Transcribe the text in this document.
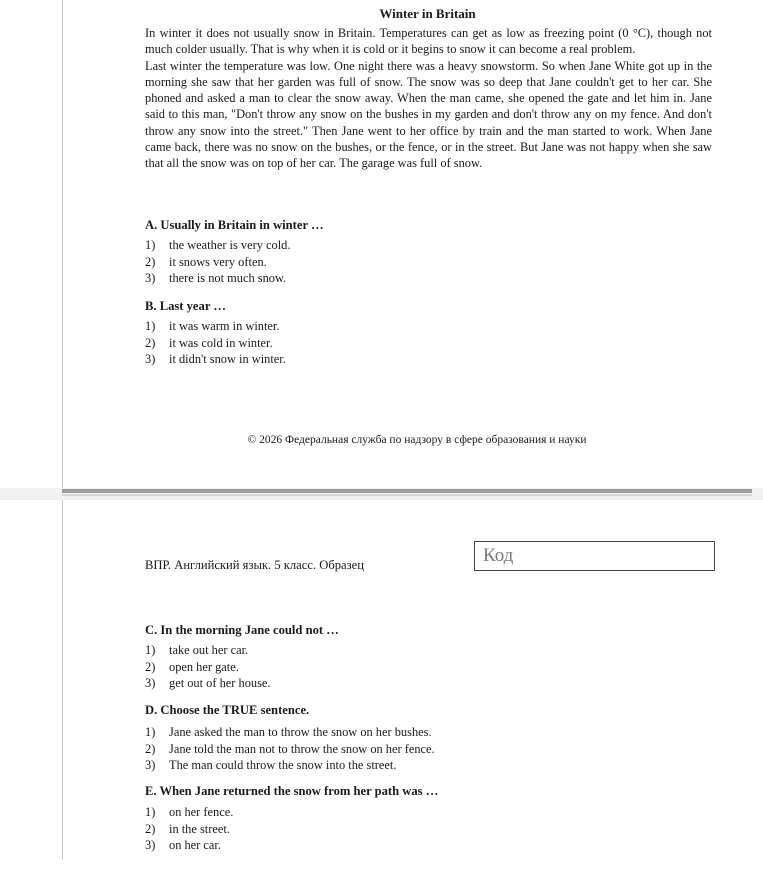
Winter in Britain

In winter it does not usually snow in Britain. Temperatures can get as low as freezing point (0 °C), though not much colder usually. That is why when it is cold or it begins to snow it can become a real problem.

Last winter the temperature was low. One night there was a heavy snowstorm. So when Jane White got up in the morning she saw that her garden was full of snow. The snow was so deep that Jane couldn't get to her car. She phoned and asked a man to clear the snow away. When the man came, she opened the gate and let him in. Jane said to this man, "Don't throw any snow on the bushes in my garden and don't throw any on my fence. And don't throw any snow into the street." Then Jane went to her office by train and the man started to work. When Jane came back, there was no snow on the bushes, or the fence, or in the street. But Jane was not happy when she saw that all the snow was on top of her car. The garage was full of snow.

A. Usually in Britain in winter …
1)	the weather is very cold.
2)	it snows very often.
3)	there is not much snow.
B. Last year …
1)	it was warm in winter.
2)	it was cold in winter.
3)	it didn't snow in winter.
© 2026 Федеральная служба по надзору в сфере образования и науки
ВПР. Английский язык. 5 класс. Образец	Код
C. In the morning Jane could not …
1)	take out her car.
2)	open her gate.
3)	get out of her house.
D. Choose the TRUE sentence.
1)	Jane asked the man to throw the snow on her bushes.
2)	Jane told the man not to throw the snow on her fence.
3)	The man could throw the snow into the street.
E. When Jane returned the snow from her path was …
1)	on her fence.
2)	in the street.
3)	on her car.
